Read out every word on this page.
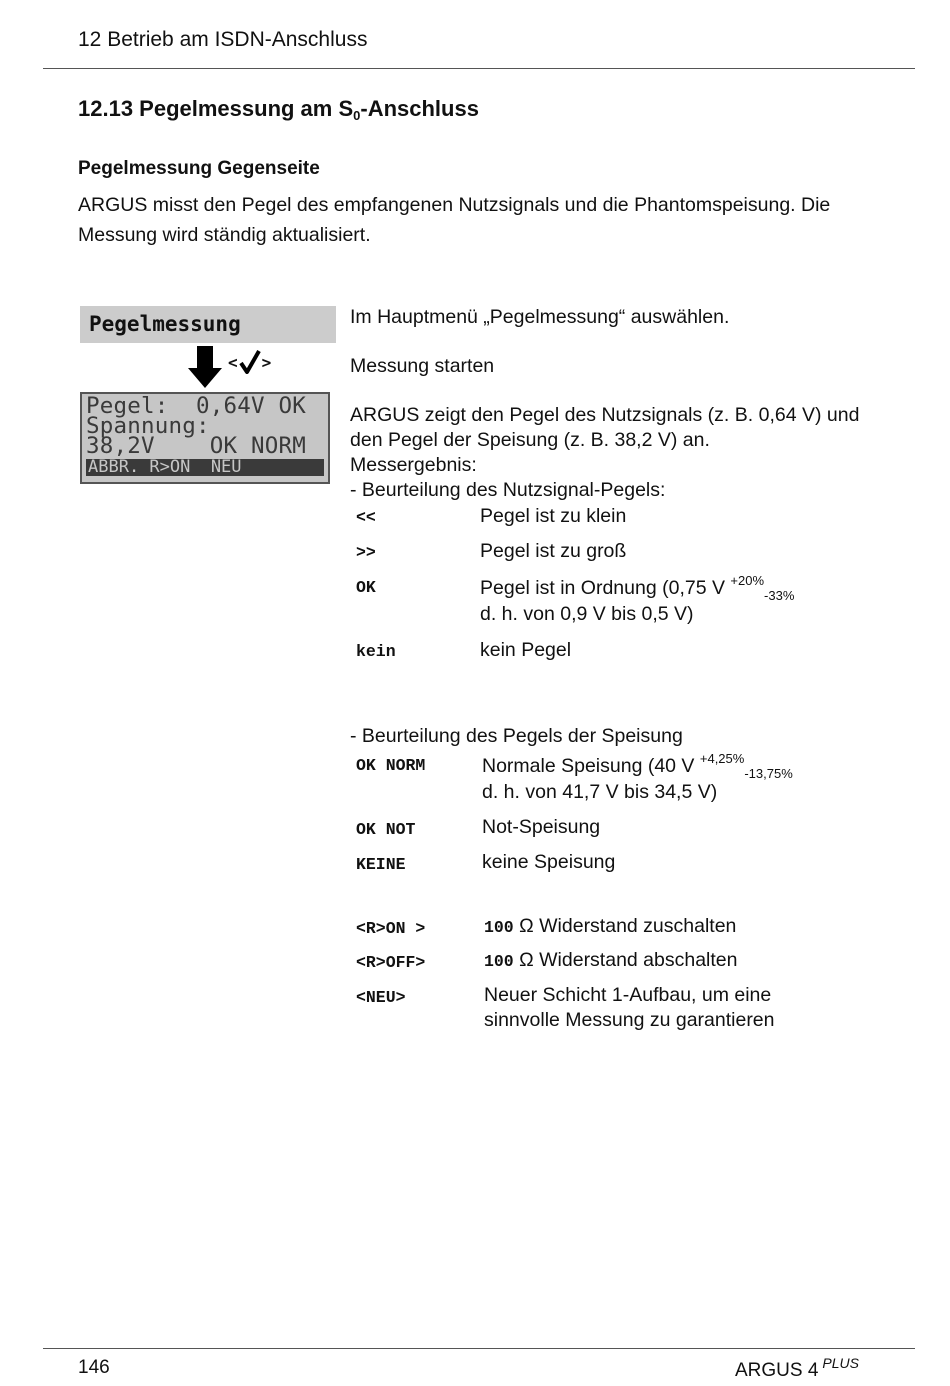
12 Betrieb am ISDN-Anschluss
12.13 Pegelmessung am $S_0$-Anschluss
Pegelmessung Gegenseite
ARGUS misst den Pegel des empfangenen Nutzsignals und die Phantomspeisung. Die
Messung wird ständig aktualisiert.
Pegelmessung
< >
Pegel:  0,64V OK
Spannung:
38,2V    OK NORM
ABBR. R>ON  NEU
Im Hauptmenü „Pegelmessung“ auswählen.
Messung starten
ARGUS zeigt den Pegel des Nutzsignals (z. B. 0,64 V) und
den Pegel der Speisung (z. B. 38,2 V) an.
Messergebnis:
- Beurteilung des Nutzsignal-Pegels:
<<	Pegel ist zu klein
>>	Pegel ist zu groß
OK	Pegel ist in Ordnung (0,75 V $^{+20\%}_{-33\%}$
d. h. von 0,9 V bis 0,5 V)
kein	kein Pegel
- Beurteilung des Pegels der Speisung
OK NORM	Normale Speisung (40 V $^{+4,25\%}_{-13,75\%}$
d. h. von 41,7 V bis 34,5 V)
OK NOT	Not-Speisung
KEINE	keine Speisung
<R>ON >	100 Ω Widerstand zuschalten
<R>OFF>	100 Ω Widerstand abschalten
<NEU>	Neuer Schicht 1-Aufbau, um eine
sinnvolle Messung zu garantieren
146	ARGUS 4 $^{PLUS}$
